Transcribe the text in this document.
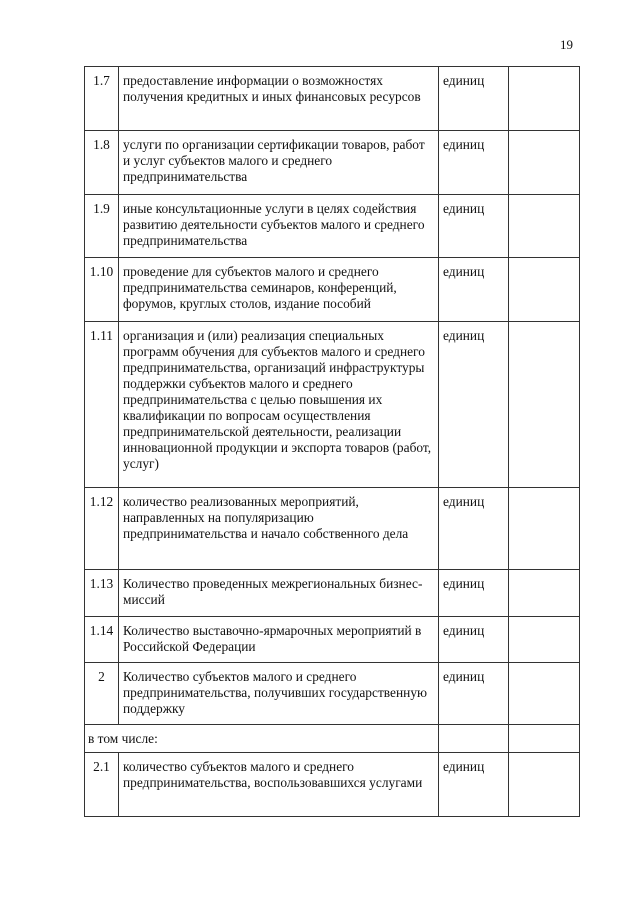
19
1.7	предоставление информации о возможностях получения кредитных и иных финансовых ресурсов	единиц	
1.8	услуги по организации сертификации товаров, работ и услуг субъектов малого и среднего предпринимательства	единиц	
1.9	иные консультационные услуги в целях содействия развитию деятельности субъектов малого и среднего предпринимательства	единиц	
1.10	проведение для субъектов малого и среднего предпринимательства семинаров, конференций, форумов, круглых столов, издание пособий	единиц	
1.11	организация и (или) реализация специальных программ обучения для субъектов малого и среднего предпринимательства, организаций инфраструктуры поддержки субъектов малого и среднего предпринимательства с целью повышения их квалификации по вопросам осуществления предпринимательской деятельности, реализации инновационной продукции и экспорта товаров (работ, услуг)	единиц	
1.12	количество реализованных мероприятий, направленных на популяризацию предпринимательства и начало собственного дела	единиц	
1.13	Количество проведенных межрегиональных бизнес-миссий	единиц	
1.14	Количество выставочно-ярмарочных мероприятий в Российской Федерации	единиц	
2	Количество субъектов малого и среднего предпринимательства, получивших государственную поддержку	единиц	
в том числе:			
2.1	количество субъектов малого и среднего предпринимательства, воспользовавшихся услугами	единиц	
